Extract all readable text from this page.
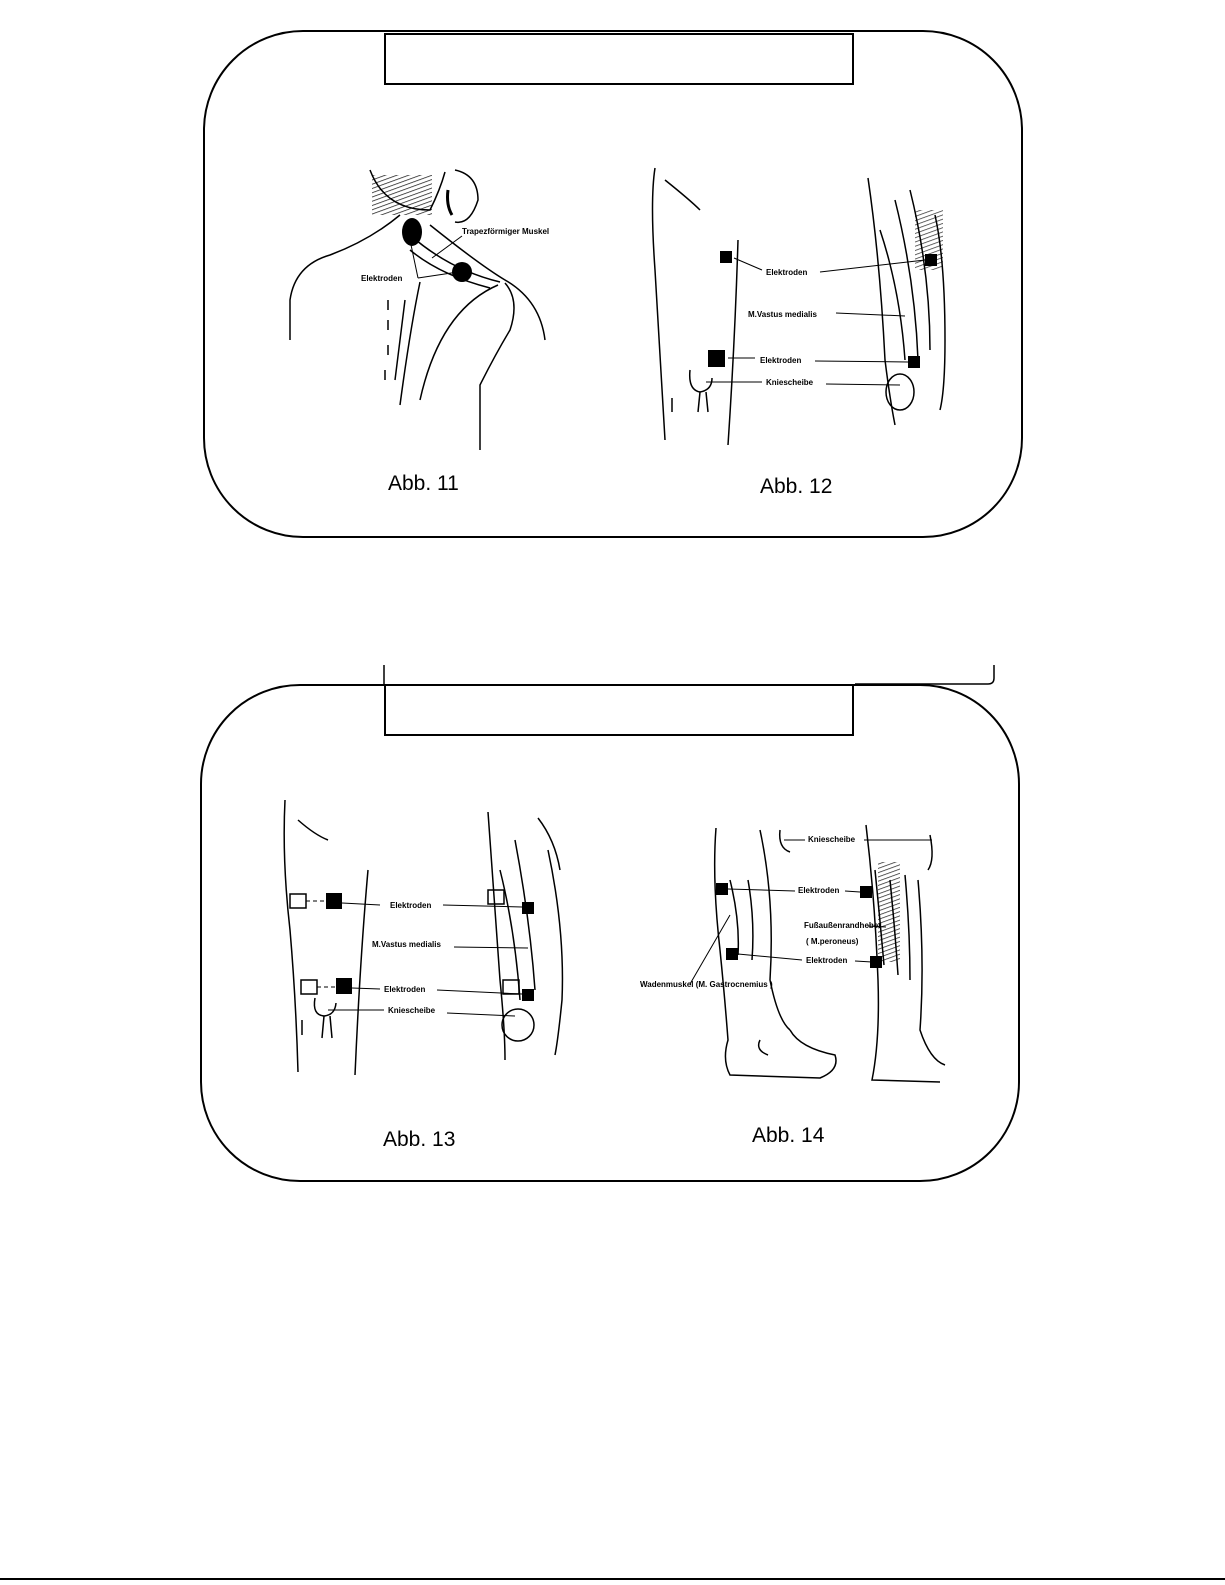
Trapezförmiger Muskel
Elektroden
Abb. 11
Elektroden
M.Vastus medialis
Elektroden
Kniescheibe
Abb. 12
Elektroden
M.Vastus medialis
Elektroden
Kniescheibe
Abb. 13
Kniescheibe
Elektroden
Fußaußenrandheber
( M.peroneus)
Elektroden
Wadenmuskel (M. Gastrocnemius )
Abb. 14
